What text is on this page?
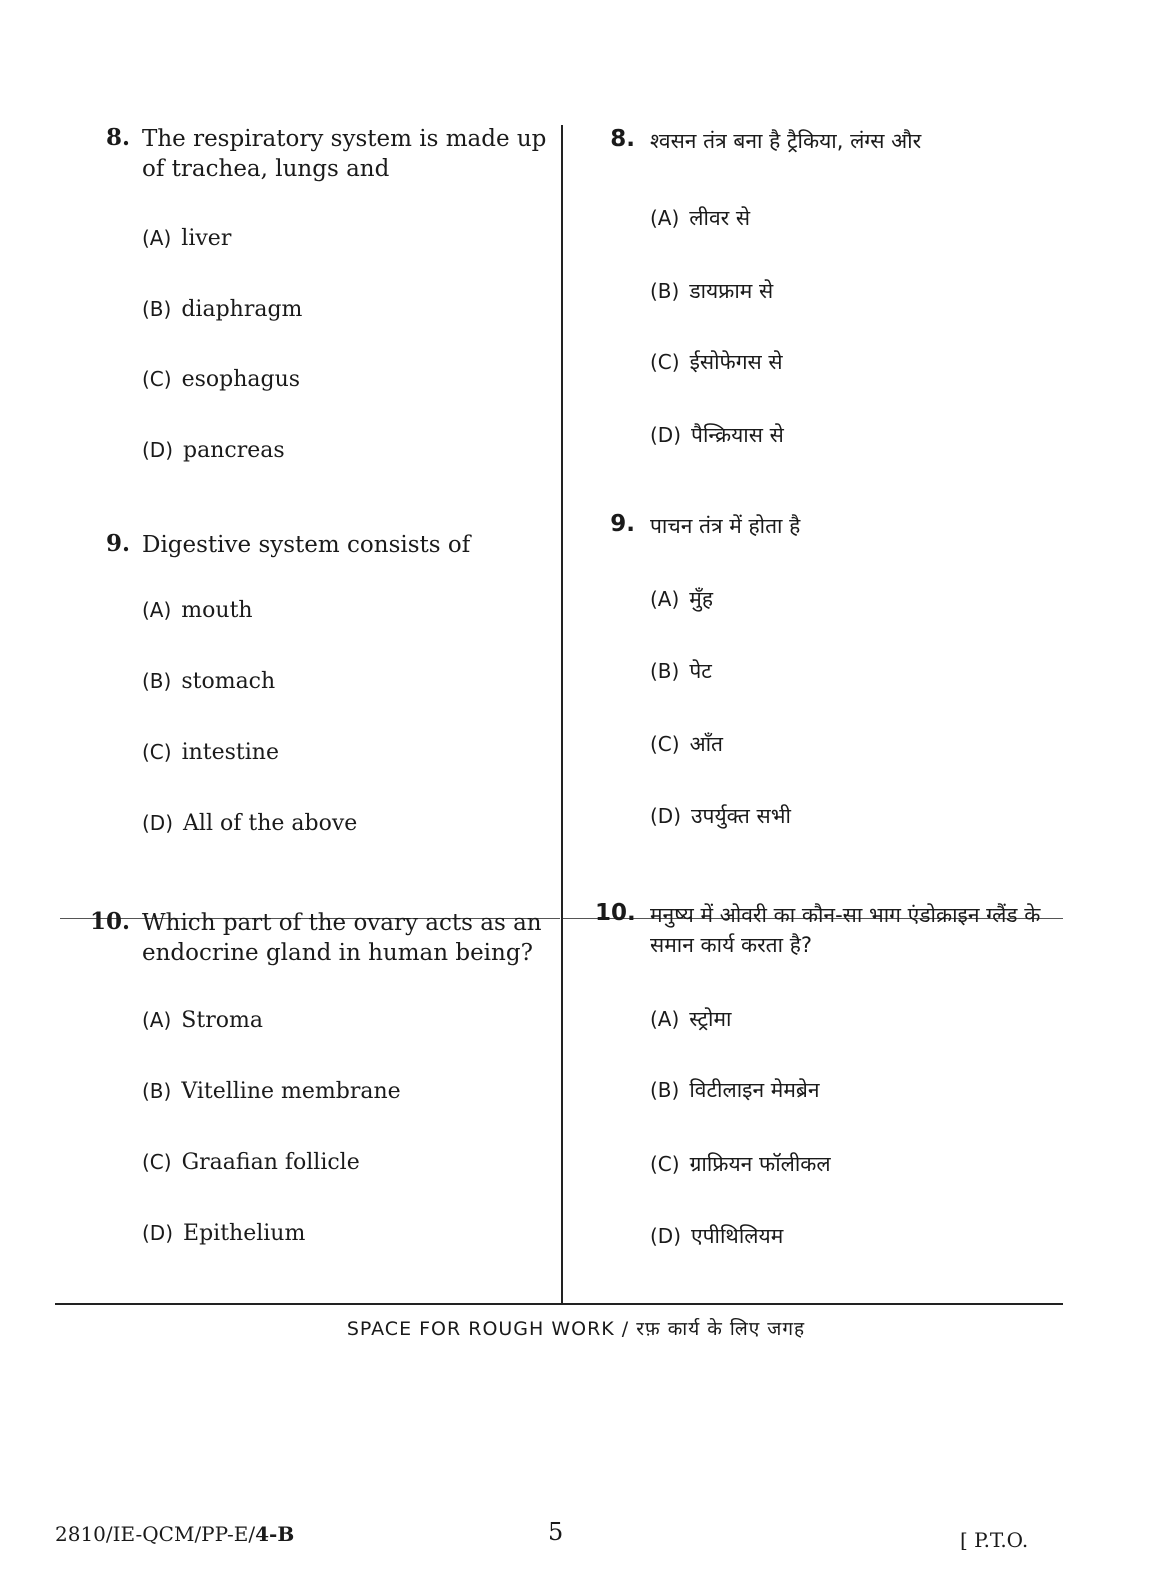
8. The respiratory system is made up of trachea, lungs and
(A) liver
(B) diaphragm
(C) esophagus
(D) pancreas
9. Digestive system consists of
(A) mouth
(B) stomach
(C) intestine
(D) All of the above
10. Which part of the ovary acts as an endocrine gland in human being?
(A) Stroma
(B) Vitelline membrane
(C) Graafian follicle
(D) Epithelium
8. श्वसन तंत्र बना है ट्रैकिया, लंग्स और
(A) लीवर से
(B) डायफ्राम से
(C) ईसोफेगस से
(D) पैन्क्रियास से
9. पाचन तंत्र में होता है
(A) मुँह
(B) पेट
(C) आँत
(D) उपर्युक्त सभी
10. मनुष्य में ओवरी का कौन-सा भाग एंडोक्राइन ग्लैंड के समान कार्य करता है?
(A) स्ट्रोमा
(B) विटीलाइन मेमब्रेन
(C) ग्राफ्रियन फॉलीकल
(D) एपीथिलियम
SPACE FOR ROUGH WORK / रफ़ कार्य के लिए जगह
2810/IE-QCM/PP-E/4-B	5	[ P.T.O.
